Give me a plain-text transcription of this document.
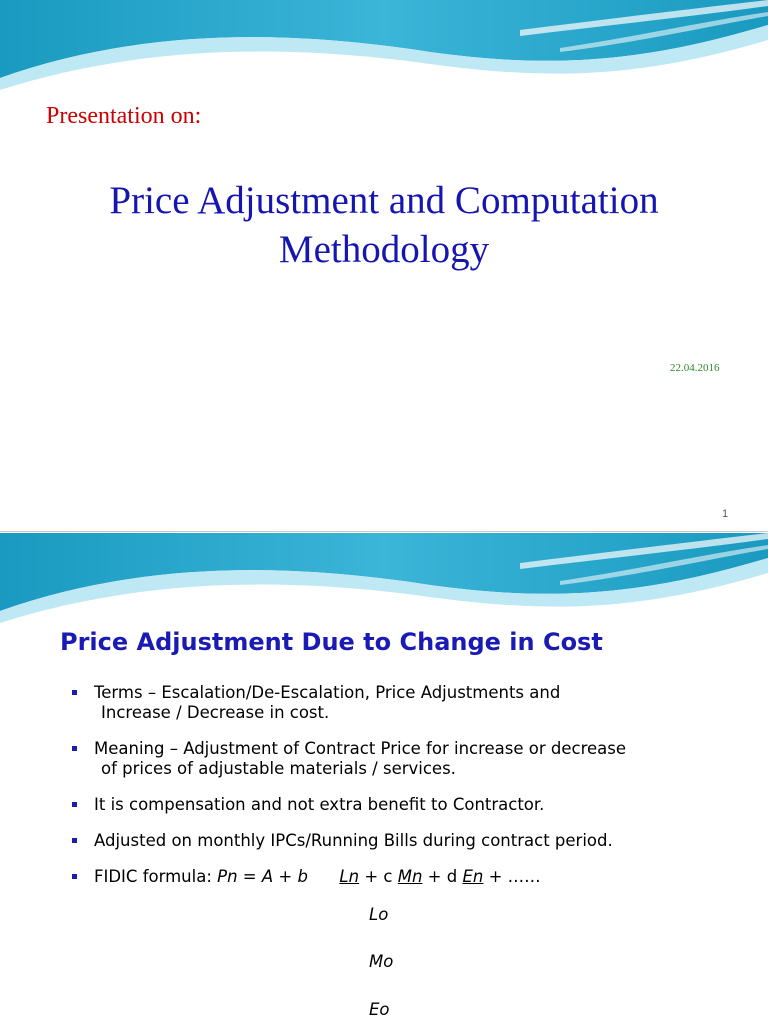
Presentation on:
Price Adjustment and Computation
Methodology
22.04.2016
1
Price Adjustment Due to Change in Cost
Terms – Escalation/De-Escalation, Price Adjustments and
Increase / Decrease in cost.
Meaning – Adjustment of Contract Price for increase or decrease
of prices of adjustable materials / services.
It is compensation and not extra benefit to Contractor.
Adjusted on monthly IPCs/Running Bills during contract period.
FIDIC formula: Pn = A + b Ln + c Mn + d En + ……
Lo
Mo
Eo
